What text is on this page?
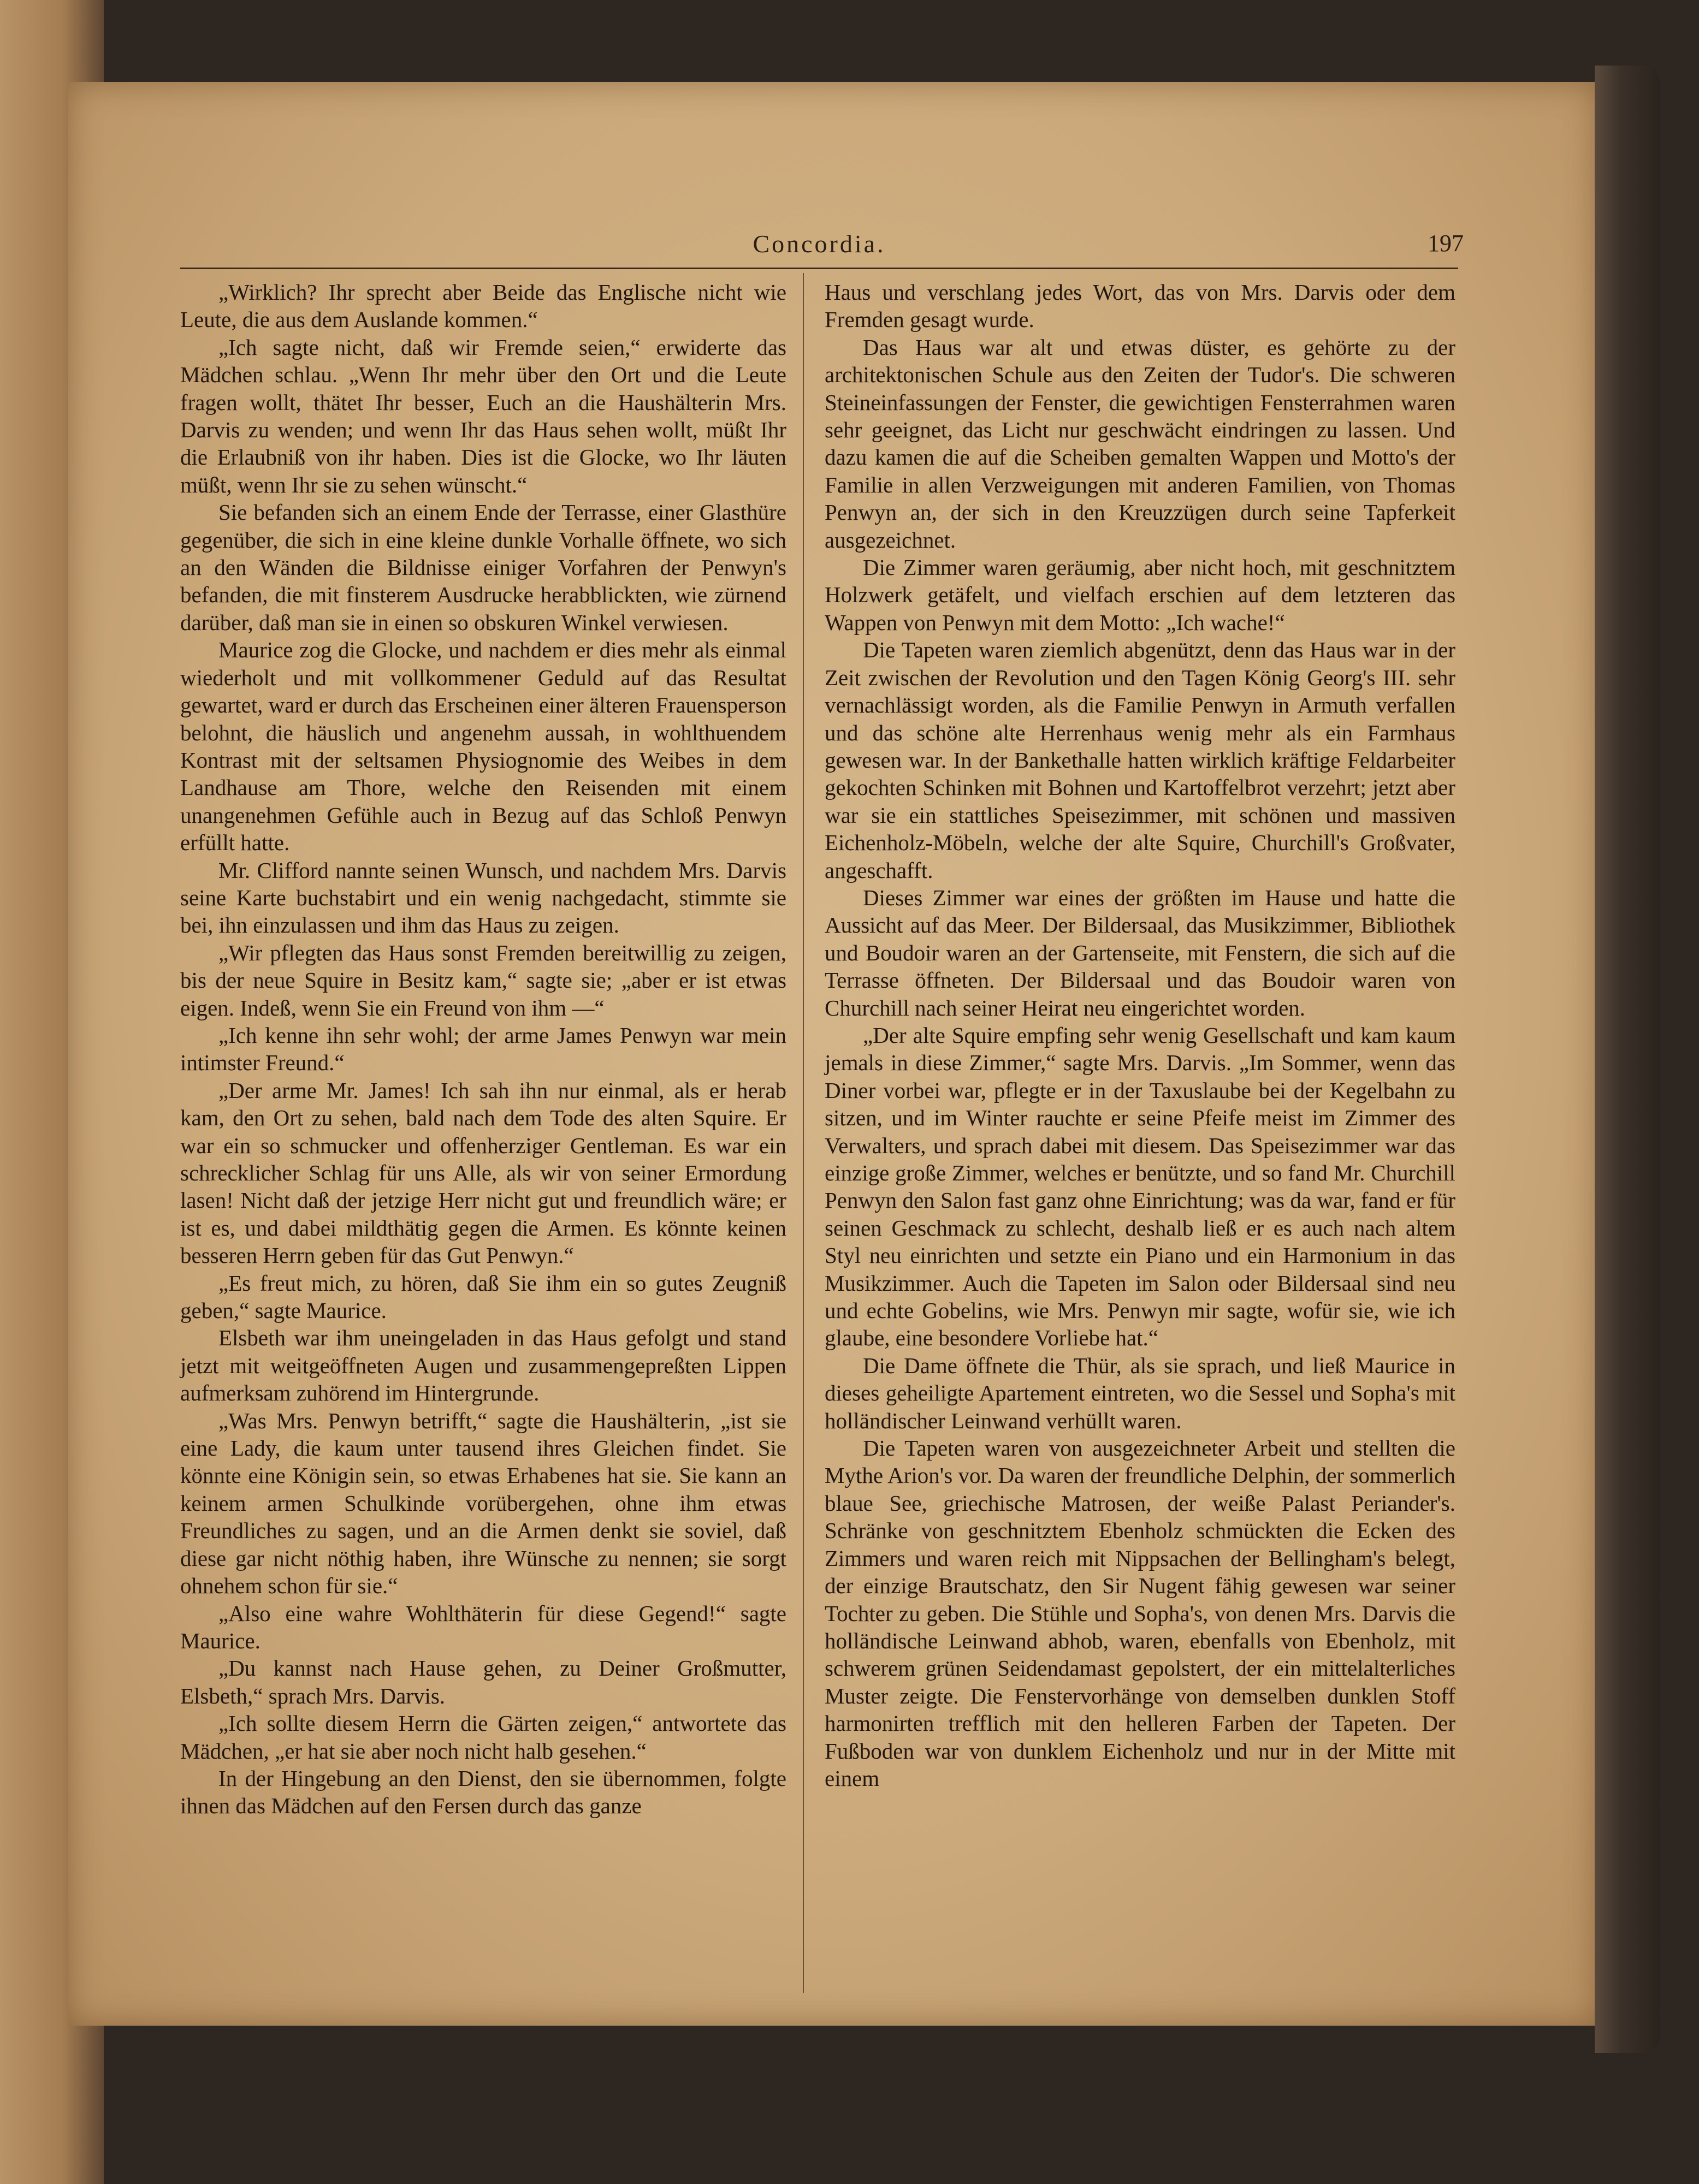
Concordia.	197

„Wirklich? Ihr sprecht aber Beide das Englische nicht wie Leute, die aus dem Auslande kommen.“

„Ich sagte nicht, daß wir Fremde seien,“ erwiderte das Mädchen schlau. „Wenn Ihr mehr über den Ort und die Leute fragen wollt, thätet Ihr besser, Euch an die Haushälterin Mrs. Darvis zu wenden; und wenn Ihr das Haus sehen wollt, müßt Ihr die Erlaubniß von ihr haben. Dies ist die Glocke, wo Ihr läuten müßt, wenn Ihr sie zu sehen wünscht.“

Sie befanden sich an einem Ende der Terrasse, einer Glasthüre gegenüber, die sich in eine kleine dunkle Vorhalle öffnete, wo sich an den Wänden die Bildnisse einiger Vorfahren der Penwyn's befanden, die mit finsterem Ausdrucke herabblickten, wie zürnend darüber, daß man sie in einen so obskuren Winkel verwiesen.

Maurice zog die Glocke, und nachdem er dies mehr als einmal wiederholt und mit vollkommener Geduld auf das Resultat gewartet, ward er durch das Erscheinen einer älteren Frauensperson belohnt, die häuslich und angenehm aussah, in wohlthuendem Kontrast mit der seltsamen Physiognomie des Weibes in dem Landhause am Thore, welche den Reisenden mit einem unangenehmen Gefühle auch in Bezug auf das Schloß Penwyn erfüllt hatte.

Mr. Clifford nannte seinen Wunsch, und nachdem Mrs. Darvis seine Karte buchstabirt und ein wenig nachgedacht, stimmte sie bei, ihn einzulassen und ihm das Haus zu zeigen.

„Wir pflegten das Haus sonst Fremden bereitwillig zu zeigen, bis der neue Squire in Besitz kam,“ sagte sie; „aber er ist etwas eigen. Indeß, wenn Sie ein Freund von ihm —“

„Ich kenne ihn sehr wohl; der arme James Penwyn war mein intimster Freund.“

„Der arme Mr. James! Ich sah ihn nur einmal, als er herab kam, den Ort zu sehen, bald nach dem Tode des alten Squire. Er war ein so schmucker und offenherziger Gentleman. Es war ein schrecklicher Schlag für uns Alle, als wir von seiner Ermordung lasen! Nicht daß der jetzige Herr nicht gut und freundlich wäre; er ist es, und dabei mildthätig gegen die Armen. Es könnte keinen besseren Herrn geben für das Gut Penwyn.“

„Es freut mich, zu hören, daß Sie ihm ein so gutes Zeugniß geben,“ sagte Maurice.

Elsbeth war ihm uneingeladen in das Haus gefolgt und stand jetzt mit weitgeöffneten Augen und zusammengepreßten Lippen aufmerksam zuhörend im Hintergrunde.

„Was Mrs. Penwyn betrifft,“ sagte die Haushälterin, „ist sie eine Lady, die kaum unter tausend ihres Gleichen findet. Sie könnte eine Königin sein, so etwas Erhabenes hat sie. Sie kann an keinem armen Schulkinde vorübergehen, ohne ihm etwas Freundliches zu sagen, und an die Armen denkt sie soviel, daß diese gar nicht nöthig haben, ihre Wünsche zu nennen; sie sorgt ohnehem schon für sie.“

„Also eine wahre Wohlthäterin für diese Gegend!“ sagte Maurice.

„Du kannst nach Hause gehen, zu Deiner Großmutter, Elsbeth,“ sprach Mrs. Darvis.

„Ich sollte diesem Herrn die Gärten zeigen,“ antwortete das Mädchen, „er hat sie aber noch nicht halb gesehen.“

In der Hingebung an den Dienst, den sie übernommen, folgte ihnen das Mädchen auf den Fersen durch das ganze

Haus und verschlang jedes Wort, das von Mrs. Darvis oder dem Fremden gesagt wurde.

Das Haus war alt und etwas düster, es gehörte zu der architektonischen Schule aus den Zeiten der Tudor's. Die schweren Steineinfassungen der Fenster, die gewichtigen Fensterrahmen waren sehr geeignet, das Licht nur geschwächt eindringen zu lassen. Und dazu kamen die auf die Scheiben gemalten Wappen und Motto's der Familie in allen Verzweigungen mit anderen Familien, von Thomas Penwyn an, der sich in den Kreuzzügen durch seine Tapferkeit ausgezeichnet.

Die Zimmer waren geräumig, aber nicht hoch, mit geschnitztem Holzwerk getäfelt, und vielfach erschien auf dem letzteren das Wappen von Penwyn mit dem Motto: „Ich wache!“

Die Tapeten waren ziemlich abgenützt, denn das Haus war in der Zeit zwischen der Revolution und den Tagen König Georg's III. sehr vernachlässigt worden, als die Familie Penwyn in Armuth verfallen und das schöne alte Herrenhaus wenig mehr als ein Farmhaus gewesen war. In der Bankethalle hatten wirklich kräftige Feldarbeiter gekochten Schinken mit Bohnen und Kartoffelbrot verzehrt; jetzt aber war sie ein stattliches Speisezimmer, mit schönen und massiven Eichenholz-Möbeln, welche der alte Squire, Churchill's Großvater, angeschafft.

Dieses Zimmer war eines der größten im Hause und hatte die Aussicht auf das Meer. Der Bildersaal, das Musikzimmer, Bibliothek und Boudoir waren an der Gartenseite, mit Fenstern, die sich auf die Terrasse öffneten. Der Bildersaal und das Boudoir waren von Churchill nach seiner Heirat neu eingerichtet worden.

„Der alte Squire empfing sehr wenig Gesellschaft und kam kaum jemals in diese Zimmer,“ sagte Mrs. Darvis. „Im Sommer, wenn das Diner vorbei war, pflegte er in der Taxuslaube bei der Kegelbahn zu sitzen, und im Winter rauchte er seine Pfeife meist im Zimmer des Verwalters, und sprach dabei mit diesem. Das Speisezimmer war das einzige große Zimmer, welches er benützte, und so fand Mr. Churchill Penwyn den Salon fast ganz ohne Einrichtung; was da war, fand er für seinen Geschmack zu schlecht, deshalb ließ er es auch nach altem Styl neu einrichten und setzte ein Piano und ein Harmonium in das Musikzimmer. Auch die Tapeten im Salon oder Bildersaal sind neu und echte Gobelins, wie Mrs. Penwyn mir sagte, wofür sie, wie ich glaube, eine besondere Vorliebe hat.“

Die Dame öffnete die Thür, als sie sprach, und ließ Maurice in dieses geheiligte Apartement eintreten, wo die Sessel und Sopha's mit holländischer Leinwand verhüllt waren.

Die Tapeten waren von ausgezeichneter Arbeit und stellten die Mythe Arion's vor. Da waren der freundliche Delphin, der sommerlich blaue See, griechische Matrosen, der weiße Palast Periander's. Schränke von geschnitztem Ebenholz schmückten die Ecken des Zimmers und waren reich mit Nippsachen der Bellingham's belegt, der einzige Brautschatz, den Sir Nugent fähig gewesen war seiner Tochter zu geben. Die Stühle und Sopha's, von denen Mrs. Darvis die holländische Leinwand abhob, waren, ebenfalls von Ebenholz, mit schwerem grünen Seidendamast gepolstert, der ein mittelalterliches Muster zeigte. Die Fenstervorhänge von demselben dunklen Stoff harmonirten trefflich mit den helleren Farben der Tapeten. Der Fußboden war von dunklem Eichenholz und nur in der Mitte mit einem
